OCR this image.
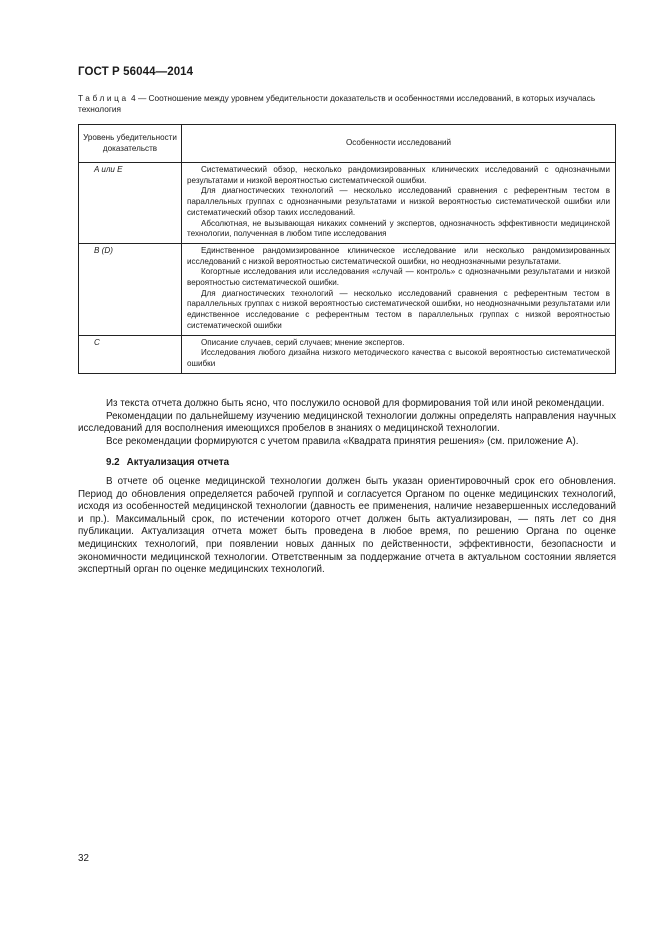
ГОСТ Р 56044—2014
Таблица 4 — Соотношение между уровнем убедительности доказательств и особенностями исследований, в которых изучалась технология
Уровень убедительности доказательств	Особенности исследований
A или E	Систематический обзор, несколько рандомизированных клинических исследований с однозначными результатами и низкой вероятностью систематической ошибки.

Для диагностических технологий — несколько исследований сравнения с референтным тестом в параллельных группах с однозначными результатами и низкой вероятностью систематической ошибки или систематический обзор таких исследований.

Абсолютная, не вызывающая никаких сомнений у экспертов, однозначность эффективности медицинской технологии, полученная в любом типе исследования

B (D)	Единственное рандомизированное клиническое исследование или несколько рандомизированных исследований с низкой вероятностью систематической ошибки, но неоднозначными результатами.

Когортные исследования или исследования «случай — контроль» с однозначными результатами и низкой вероятностью систематической ошибки.

Для диагностических технологий — несколько исследований сравнения с референтным тестом в параллельных группах с низкой вероятностью систематической ошибки, но неоднозначными результатами или единственное исследование с референтным тестом в параллельных группах с низкой вероятностью систематической ошибки

C	Описание случаев, серий случаев; мнение экспертов.

Исследования любого дизайна низкого методического качества с высокой вероятностью систематической ошибки

Из текста отчета должно быть ясно, что послужило основой для формирования той или иной рекомендации.

Рекомендации по дальнейшему изучению медицинской технологии должны определять направления научных исследований для восполнения имеющихся пробелов в знаниях о медицинской технологии.

Все рекомендации формируются с учетом правила «Квадрата принятия решения» (см. приложение А).

9.2 Актуализация отчета

В отчете об оценке медицинской технологии должен быть указан ориентировочный срок его обновления. Период до обновления определяется рабочей группой и согласуется Органом по оценке медицинских технологий, исходя из особенностей медицинской технологии (давность ее применения, наличие незавершенных исследований и пр.). Максимальный срок, по истечении которого отчет должен быть актуализирован, — пять лет со дня публикации. Актуализация отчета может быть проведена в любое время, по решению Органа по оценке медицинских технологий, при появлении новых данных по действенности, эффективности, безопасности и экономичности медицинской технологии. Ответственным за поддержание отчета в актуальном состоянии является экспертный орган по оценке медицинских технологий.

32
